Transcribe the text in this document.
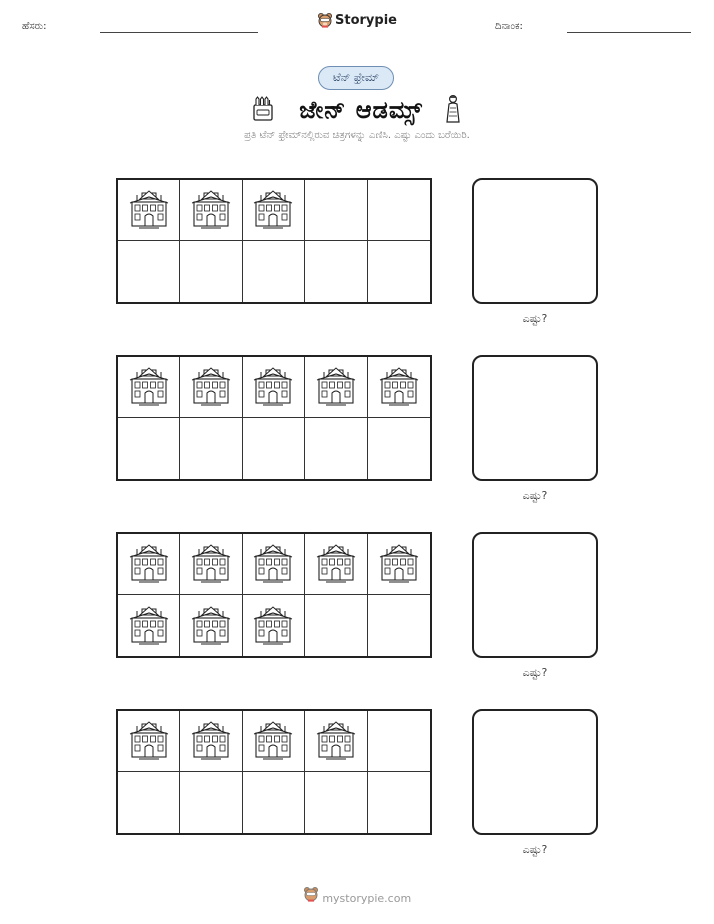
ಹೆಸರು:	Storypie	ದಿನಾಂಕ:
ಟೆನ್ ಫ್ರೇಮ್
ಜೇನ್ ಆಡಮ್ಸ್
ಪ್ರತಿ ಟೆನ್ ಫ್ರೇಮ್‌ನಲ್ಲಿರುವ ಚಿತ್ರಗಳನ್ನು ಎಣಿಸಿ. ಎಷ್ಟು ಎಂದು ಬರೆಯಿರಿ.
ಎಷ್ಟು?
ಎಷ್ಟು?
ಎಷ್ಟು?
ಎಷ್ಟು?
mystorypie.com
